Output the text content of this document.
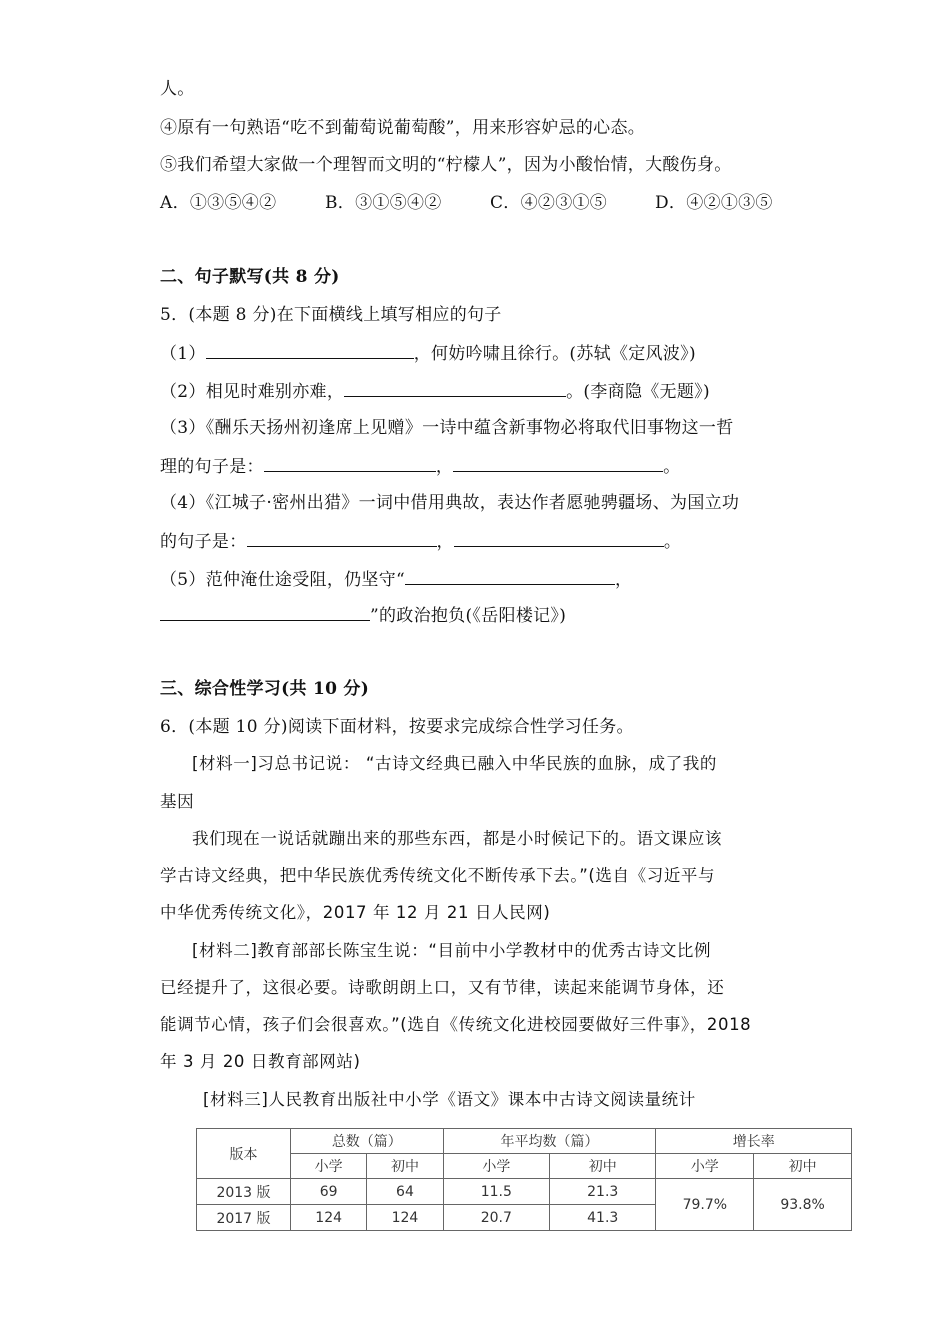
人。
④原有一句熟语“吃不到葡萄说葡萄酸”，用来形容妒忌的心态。
⑤我们希望大家做一个理智而文明的“柠檬人”，因为小酸怡情，大酸伤身。
A．①③⑤④②	B．③①⑤④②	C．④②③①⑤	D．④②①③⑤
二、句子默写(共 8 分)
5．(本题 8 分)在下面横线上填写相应的句子
（1）	，何妨吟啸且徐行。(苏轼《定风波》)
（2）相见时难别亦难，	。(李商隐《无题》)
（3）《酬乐天扬州初逢席上见赠》一诗中蕴含新事物必将取代旧事物这一哲
理的句子是：	，	。
（4）《江城子·密州出猎》一词中借用典故，表达作者愿驰骋疆场、为国立功
的句子是：	，	。
（5）范仲淹仕途受阻，仍坚守“	，
”的政治抱负(《岳阳楼记》)
三、综合性学习(共 10 分)
6．(本题 10 分)阅读下面材料，按要求完成综合性学习任务。
[材料一]习总书记说： “古诗文经典已融入中华民族的血脉，成了我的
基因
我们现在一说话就蹦出来的那些东西，都是小时候记下的。语文课应该
学古诗文经典，把中华民族优秀传统文化不断传承下去。”(选自《习近平与
中华优秀传统文化》，2017 年 12 月 21 日人民网)
[材料二]教育部部长陈宝生说：“目前中小学教材中的优秀古诗文比例
已经提升了，这很必要。诗歌朗朗上口，又有节律，读起来能调节身体，还
能调节心情，孩子们会很喜欢。”(选自《传统文化进校园要做好三件事》，2018
年 3 月 20 日教育部网站)
[材料三]人民教育出版社中小学《语文》课本中古诗文阅读量统计
版本	总数（篇）		年平均数（篇）		增长率	
	小学	初中	小学	初中	小学	初中
2013 版	69	64	11.5	21.3	79.7%	93.8%
2017 版	124	124	20.7	41.3		
